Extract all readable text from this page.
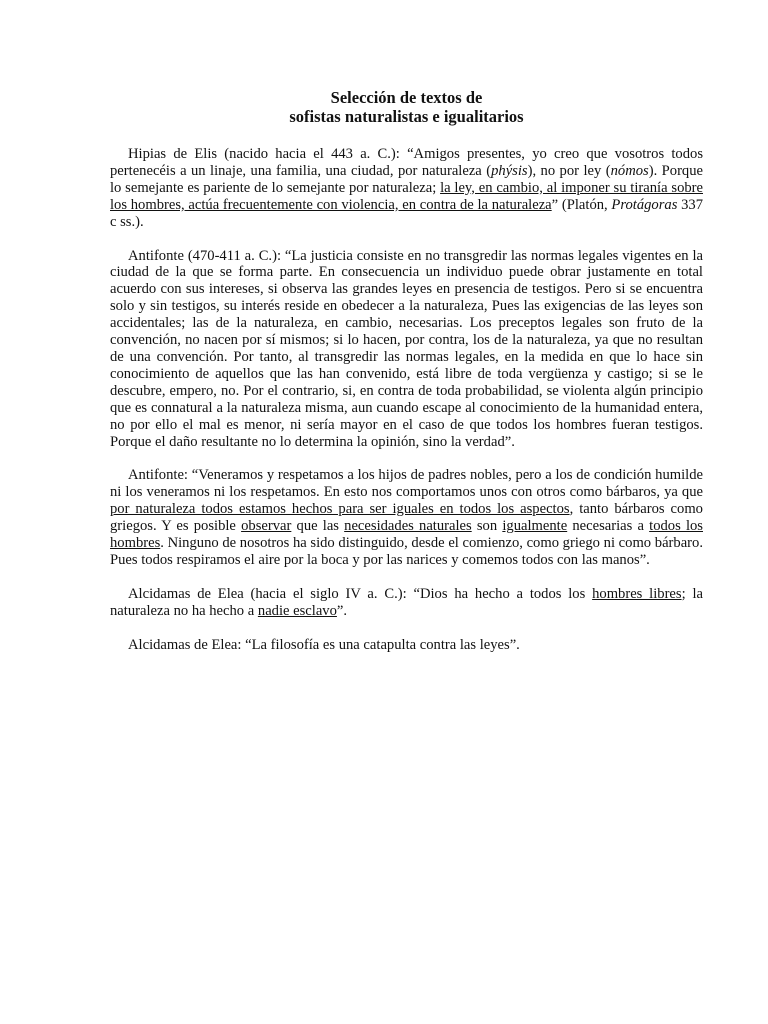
Selección de textos de
sofistas naturalistas e igualitarios

Hipias de Elis (nacido hacia el 443 a. C.): “Amigos presentes, yo creo que vosotros todos pertenecéis a un linaje, una familia, una ciudad, por naturaleza (phýsis), no por ley (nómos). Porque lo semejante es pariente de lo semejante por naturaleza; la ley, en cambio, al imponer su tiranía sobre los hombres, actúa frecuentemente con violencia, en contra de la naturaleza” (Platón, Protágoras 337 c ss.).

Antifonte (470-411 a. C.): “La justicia consiste en no transgredir las normas legales vigentes en la ciudad de la que se forma parte. En consecuencia un individuo puede obrar justamente en total acuerdo con sus intereses, si observa las grandes leyes en presencia de testigos. Pero si se encuentra solo y sin testigos, su interés reside en obedecer a la naturaleza, Pues las exigencias de las leyes son accidentales; las de la naturaleza, en cambio, necesarias. Los preceptos legales son fruto de la convención, no nacen por sí mismos; si lo hacen, por contra, los de la naturaleza, ya que no resultan de una convención. Por tanto, al transgredir las normas legales, en la medida en que lo hace sin conocimiento de aquellos que las han convenido, está libre de toda vergüenza y castigo; si se le descubre, empero, no. Por el contrario, si, en contra de toda probabilidad, se violenta algún principio que es connatural a la naturaleza misma, aun cuando escape al conocimiento de la humanidad entera, no por ello el mal es menor, ni sería mayor en el caso de que todos los hombres fueran testigos. Porque el daño resultante no lo determina la opinión, sino la verdad”.

Antifonte: “Veneramos y respetamos a los hijos de padres nobles, pero a los de condición humilde ni los veneramos ni los respetamos. En esto nos comportamos unos con otros como bárbaros, ya que por naturaleza todos estamos hechos para ser iguales en todos los aspectos, tanto bárbaros como griegos. Y es posible observar que las necesidades naturales son igualmente necesarias a todos los hombres. Ninguno de nosotros ha sido distinguido, desde el comienzo, como griego ni como bárbaro. Pues todos respiramos el aire por la boca y por las narices y comemos todos con las manos”.

Alcidamas de Elea (hacia el siglo IV a. C.): “Dios ha hecho a todos los hombres libres; la naturaleza no ha hecho a nadie esclavo”.

Alcidamas de Elea: “La filosofía es una catapulta contra las leyes”.
